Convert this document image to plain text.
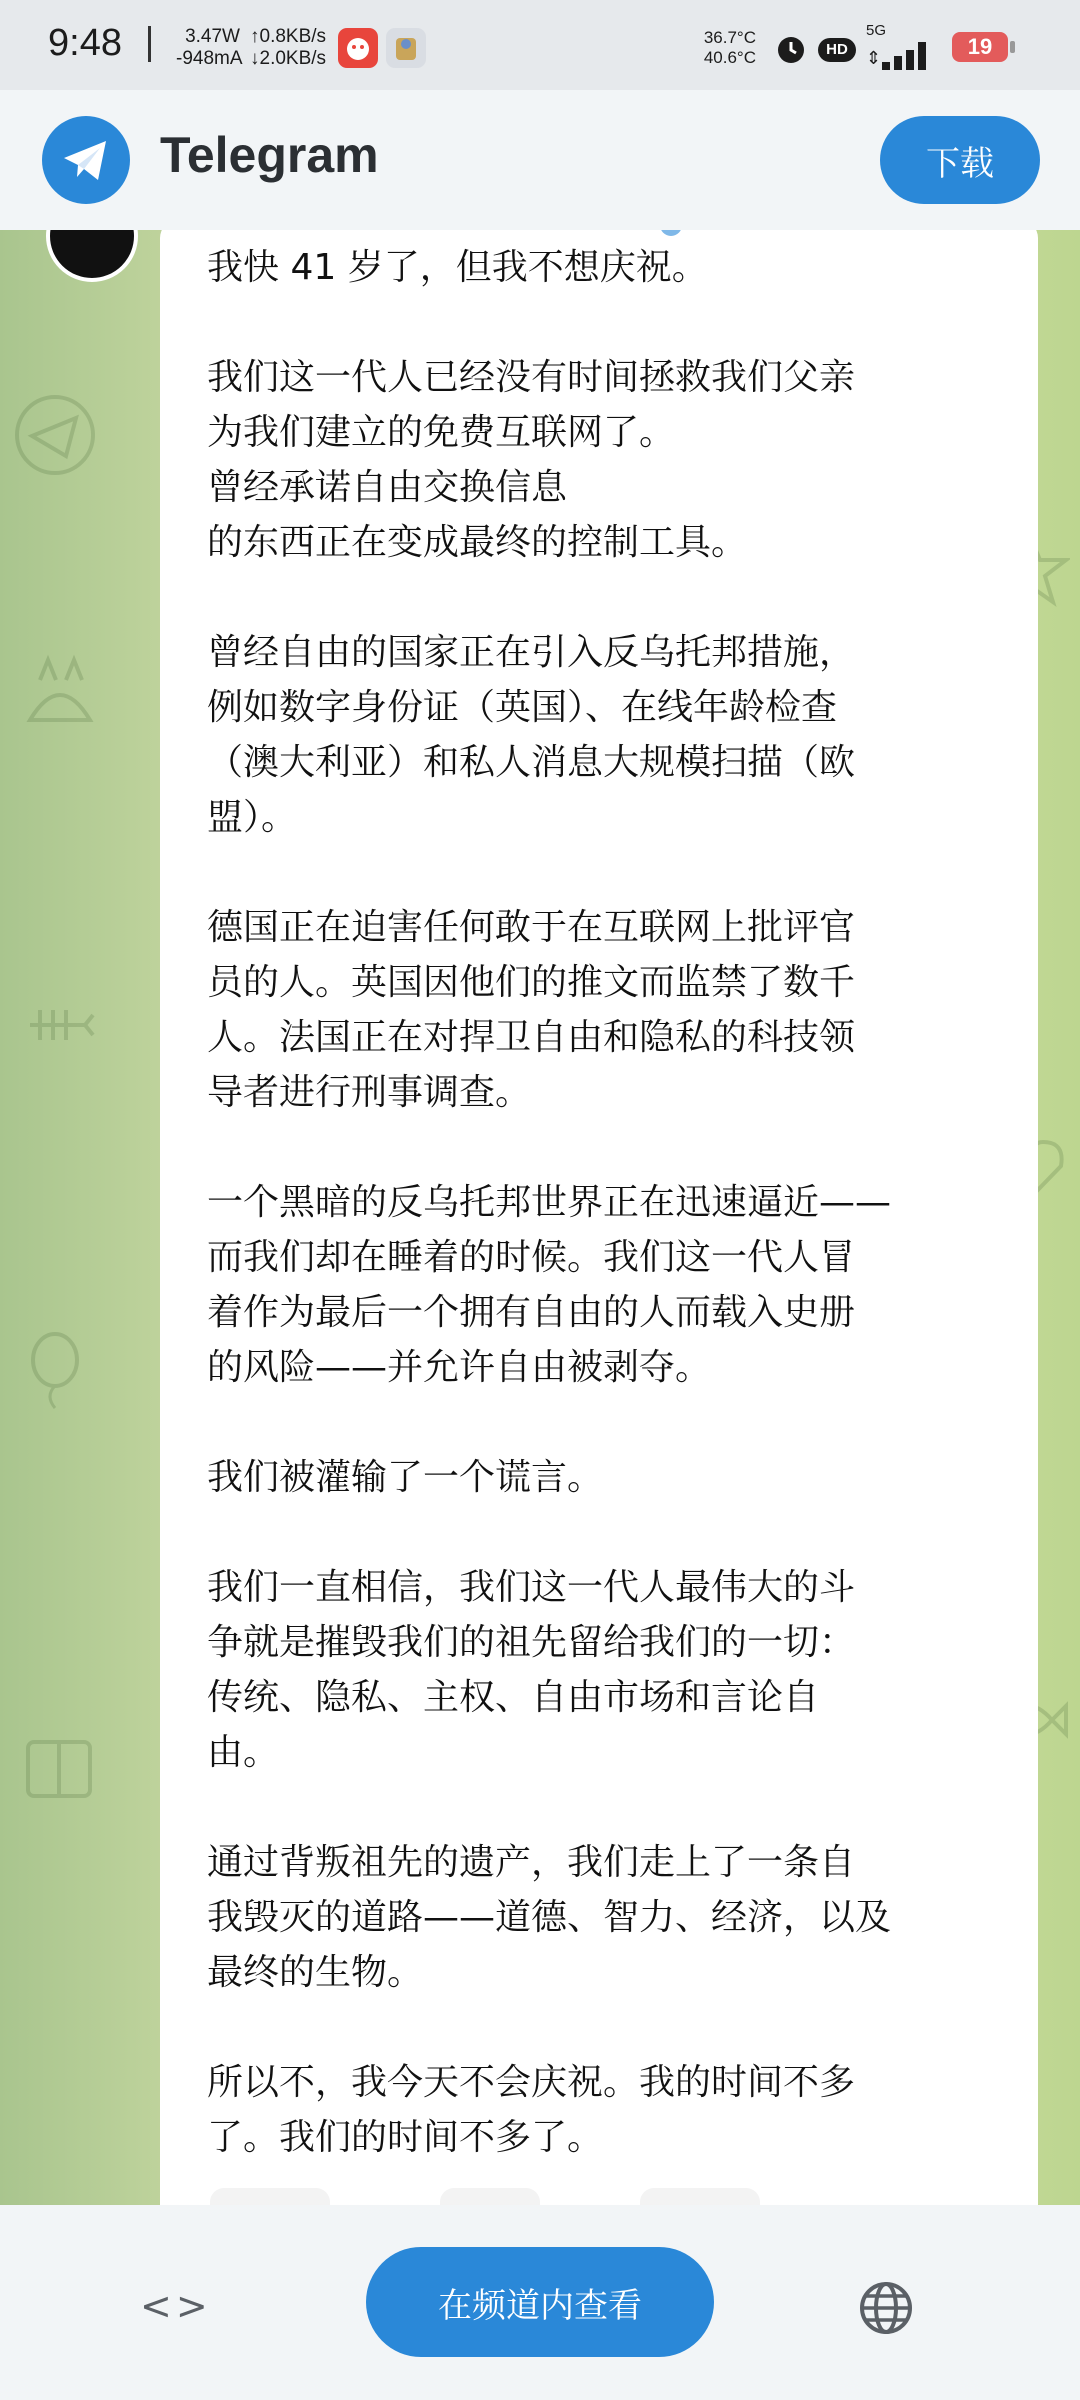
9:48	3.47W
-948mA
↑0.8KB/s
↓2.0KB/s
36.7°C
40.6°C	HD
5G
⇕	19
Telegram	下载

我快 41 岁了，但我不想庆祝。

我们这一代人已经没有时间拯救我们父亲
为我们建立的免费互联网了。
曾经承诺自由交换信息
的东西正在变成最终的控制工具。

曾经自由的国家正在引入反乌托邦措施，
例如数字身份证（英国）、在线年龄检查
（澳大利亚）和私人消息大规模扫描（欧
盟）。

德国正在迫害任何敢于在互联网上批评官
员的人。英国因他们的推文而监禁了数千
人。法国正在对捍卫自由和隐私的科技领
导者进行刑事调查。

一个黑暗的反乌托邦世界正在迅速逼近——
而我们却在睡着的时候。我们这一代人冒
着作为最后一个拥有自由的人而载入史册
的风险——并允许自由被剥夺。

我们被灌输了一个谎言。

我们一直相信，我们这一代人最伟大的斗
争就是摧毁我们的祖先留给我们的一切：
传统、隐私、主权、自由市场和言论自
由。

通过背叛祖先的遗产，我们走上了一条自
我毁灭的道路——道德、智力、经济，以及
最终的生物。

所以不，我今天不会庆祝。我的时间不多
了。我们的时间不多了。

<>	在频道内查看
